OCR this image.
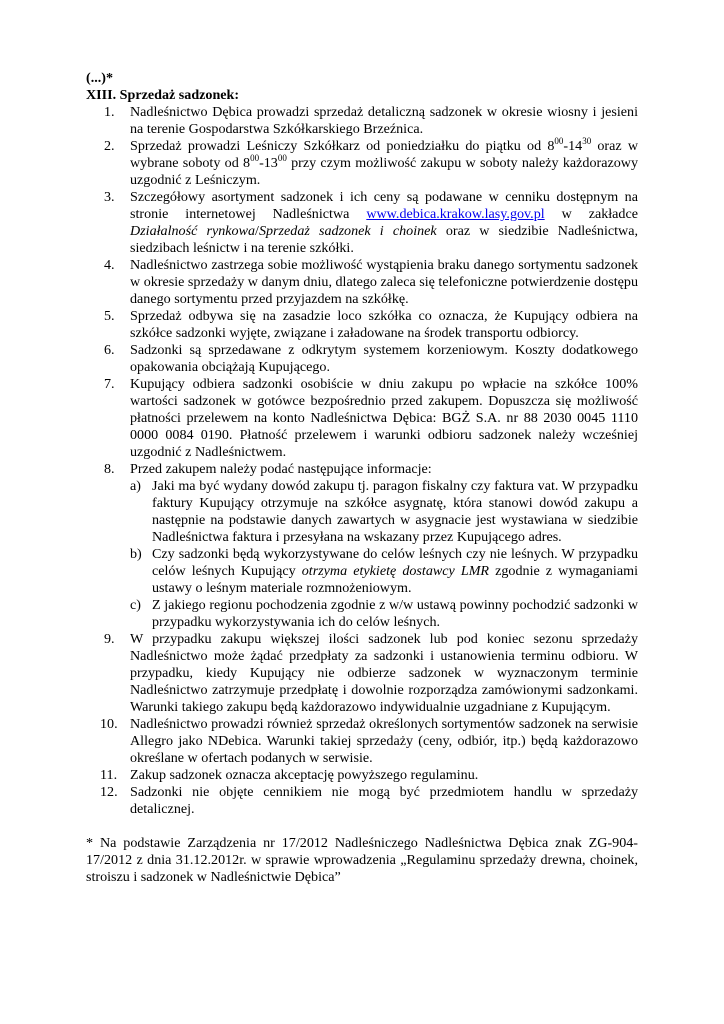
(...)*

XIII. Sprzedaż sadzonek:

1.	Nadleśnictwo Dębica prowadzi sprzedaż detaliczną sadzonek w okresie wiosny i jesieni na terenie Gospodarstwa Szkółkarskiego Brzeźnica.
2.	Sprzedaż prowadzi Leśniczy Szkółkarz od poniedziałku do piątku od $8^{00}-14^{30}$ oraz w wybrane soboty od $8^{00}-13^{00}$ przy czym możliwość zakupu w soboty należy każdorazowy uzgodnić z Leśniczym.
3.	Szczegółowy asortyment sadzonek i ich ceny są podawane w cenniku dostępnym na stronie internetowej Nadleśnictwa www.debica.krakow.lasy.gov.pl w zakładce Działalność rynkowa/Sprzedaż sadzonek i choinek oraz w siedzibie Nadleśnictwa, siedzibach leśnictw i na terenie szkółki.
4.	Nadleśnictwo zastrzega sobie możliwość wystąpienia braku danego sortymentu sadzonek w okresie sprzedaży w danym dniu, dlatego zaleca się telefoniczne potwierdzenie dostępu danego sortymentu przed przyjazdem na szkółkę.
5.	Sprzedaż odbywa się na zasadzie loco szkółka co oznacza, że Kupujący odbiera na szkółce sadzonki wyjęte, związane i załadowane na środek transportu odbiorcy.
6.	Sadzonki są sprzedawane z odkrytym systemem korzeniowym. Koszty dodatkowego opakowania obciążają Kupującego.
7.	Kupujący odbiera sadzonki osobiście w dniu zakupu po wpłacie na szkółce 100% wartości sadzonek w gotówce bezpośrednio przed zakupem. Dopuszcza się możliwość płatności przelewem na konto Nadleśnictwa Dębica: BGŻ S.A. nr 88 2030 0045 1110 0000 0084 0190. Płatność przelewem i warunki odbioru sadzonek należy wcześniej uzgodnić z Nadleśnictwem.
8.	Przed zakupem należy podać następujące informacje:
a) Jaki ma być wydany dowód zakupu tj. paragon fiskalny czy faktura vat. W przypadku faktury Kupujący otrzymuje na szkółce asygnatę, która stanowi dowód zakupu a następnie na podstawie danych zawartych w asygnacie jest wystawiana w siedzibie Nadleśnictwa faktura i przesyłana na wskazany przez Kupującego adres.
b) Czy sadzonki będą wykorzystywane do celów leśnych czy nie leśnych. W przypadku celów leśnych Kupujący otrzyma etykietę dostawcy LMR zgodnie z wymaganiami ustawy o leśnym materiale rozmnożeniowym.
c) Z jakiego regionu pochodzenia zgodnie z w/w ustawą powinny pochodzić sadzonki w przypadku wykorzystywania ich do celów leśnych.
9.	W przypadku zakupu większej ilości sadzonek lub pod koniec sezonu sprzedaży Nadleśnictwo może żądać przedpłaty za sadzonki i ustanowienia terminu odbioru. W przypadku, kiedy Kupujący nie odbierze sadzonek w wyznaczonym terminie Nadleśnictwo zatrzymuje przedpłatę i dowolnie rozporządza zamówionymi sadzonkami. Warunki takiego zakupu będą każdorazowo indywidualnie uzgadniane z Kupującym.
10. Nadleśnictwo prowadzi również sprzedaż określonych sortymentów sadzonek na serwisie Allegro jako NDebica. Warunki takiej sprzedaży (ceny, odbiór, itp.) będą każdorazowo określane w ofertach podanych w serwisie.
11. Zakup sadzonek oznacza akceptację powyższego regulaminu.
12. Sadzonki nie objęte cennikiem nie mogą być przedmiotem handlu w sprzedaży detalicznej.

* Na podstawie Zarządzenia nr 17/2012 Nadleśniczego Nadleśnictwa Dębica znak ZG-904-17/2012 z dnia 31.12.2012r. w sprawie wprowadzenia „Regulaminu sprzedaży drewna, choinek, stroiszu i sadzonek w Nadleśnictwie Dębica”
